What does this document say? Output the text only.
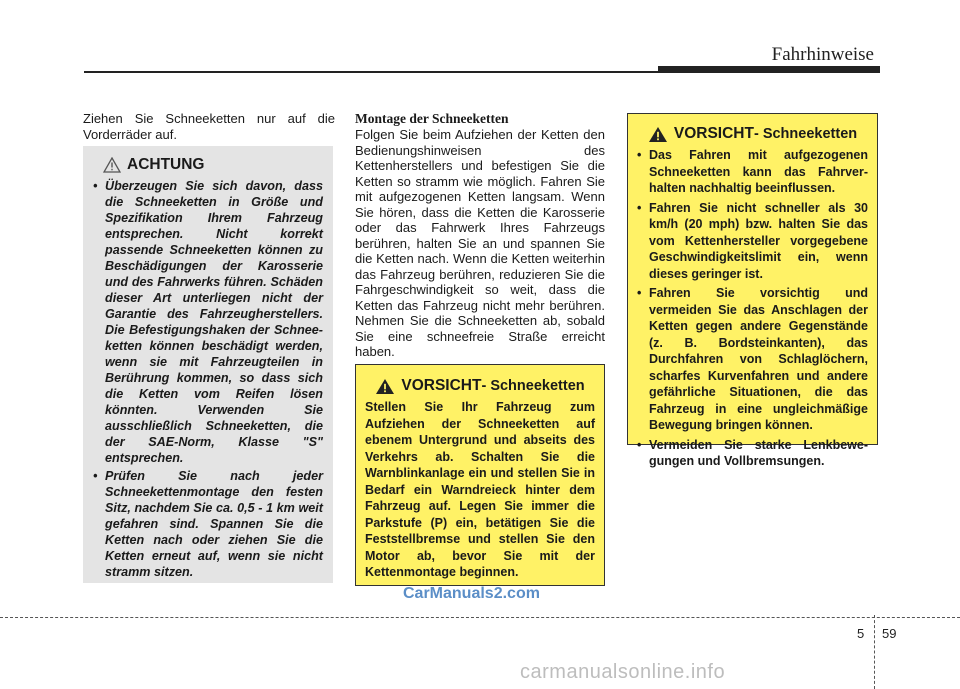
Fahrhinweise
Ziehen Sie Schneeketten nur auf die Vorderräder auf.
ACHTUNG
• Überzeugen Sie sich davon, dass die Schneeketten in Größe und Spezifikation Ihrem Fahrzeug entsprechen. Nicht korrekt passende Schneeketten können zu Beschädigungen der Karosserie und des Fahrwerks führen. Schäden dieser Art unterliegen nicht der Garantie des Fahrzeugherstellers. Die Befestigungshaken der Schnee-ketten können beschädigt werden, wenn sie mit Fahrzeugteilen in Berührung kommen, so dass sich die Ketten vom Reifen lösen könnten. Verwenden Sie ausschließlich Schneeketten, die der SAE-Norm, Klasse "S" entsprechen.
• Prüfen Sie nach jeder Schneekettenmontage den festen Sitz, nachdem Sie ca. 0,5 - 1 km weit gefahren sind. Spannen Sie die Ketten nach oder ziehen Sie die Ketten erneut auf, wenn sie nicht stramm sitzen.
Montage der Schneeketten
Folgen Sie beim Aufziehen der Ketten den Bedienungshinweisen des Kettenherstellers und befestigen Sie die Ketten so stramm wie möglich. Fahren Sie mit aufgezogenen Ketten langsam. Wenn Sie hören, dass die Ketten die Karosserie oder das Fahrwerk Ihres Fahrzeugs berühren, halten Sie an und spannen Sie die Ketten nach. Wenn die Ketten weiterhin das Fahrzeug berühren, reduzieren Sie die Fahrgeschwindigkeit so weit, dass die Ketten das Fahrzeug nicht mehr berühren. Nehmen Sie die Schneeketten ab, sobald Sie eine schneefreie Straße erreicht haben.
VORSICHT - Schneeketten
Stellen Sie Ihr Fahrzeug zum Aufziehen der Schneeketten auf ebenem Untergrund und abseits des Verkehrs ab. Schalten Sie die Warnblinkanlage ein und stellen Sie in Bedarf ein Warndreieck hinter dem Fahrzeug auf. Legen Sie immer die Parkstufe (P) ein, betätigen Sie die Feststellbremse und stellen Sie den Motor ab, bevor Sie mit der Kettenmontage beginnen.
VORSICHT - Schneeketten
• Das Fahren mit aufgezogenen Schneeketten kann das Fahrver-halten nachhaltig beeinflussen.
• Fahren Sie nicht schneller als 30 km/h (20 mph) bzw. halten Sie das vom Kettenhersteller vorgegebene Geschwindigkeitslimit ein, wenn dieses geringer ist.
• Fahren Sie vorsichtig und vermeiden Sie das Anschlagen der Ketten gegen andere Gegenstände (z. B. Bordsteinkanten), das Durchfahren von Schlaglöchern, scharfes Kurvenfahren und andere gefährliche Situationen, die das Fahrzeug in eine ungleichmäßige Bewegung bringen können.
• Vermeiden Sie starke Lenkbewe-gungen und Vollbremsungen.
CarManuals2.com
5 59
carmanualsonline.info
